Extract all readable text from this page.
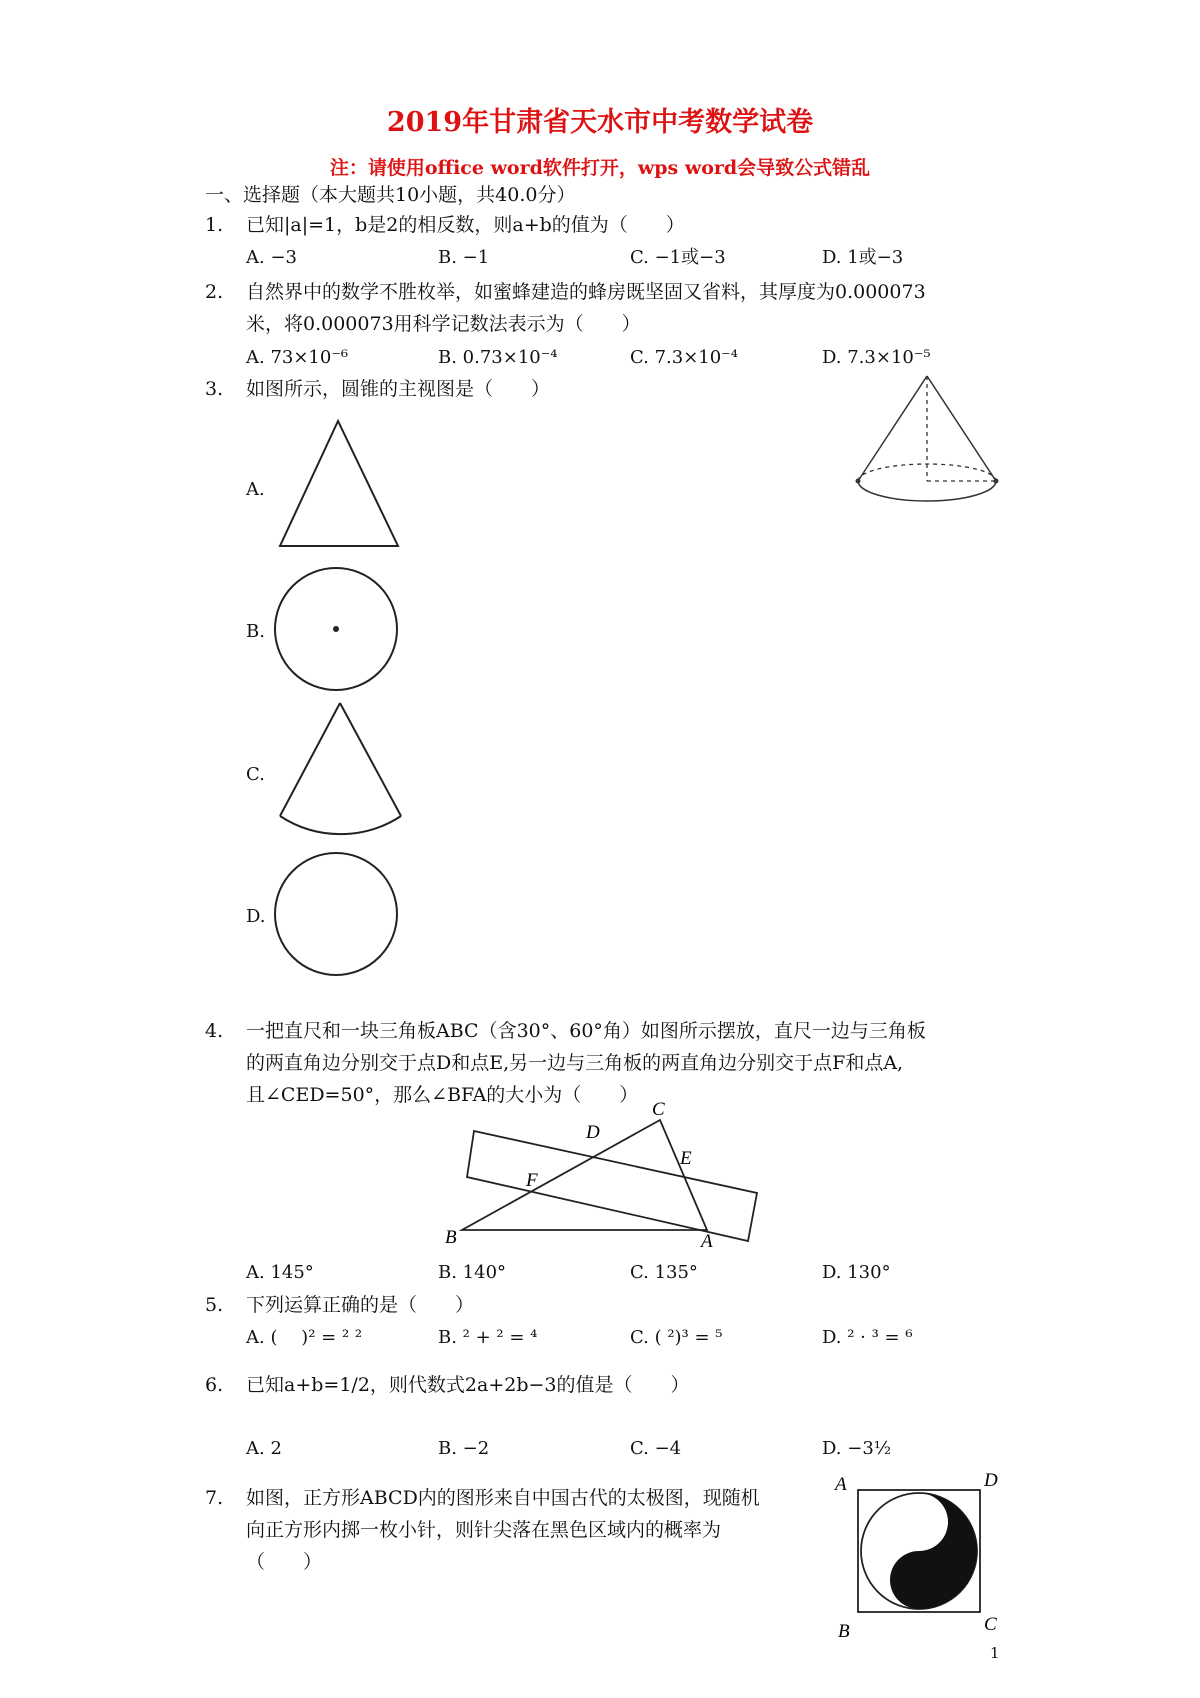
2019年甘肃省天水市中考数学试卷
注：请使用office word软件打开，wps word会导致公式错乱
一、选择题（本大题共10小题，共40.0分）
1. 已知|a|=1，b是2的相反数，则a+b的值为（　　）
A. −3	B. −1	C. −1或−3	D. 1或−3
2. 自然界中的数学不胜枚举，如蜜蜂建造的蜂房既坚固又省料，其厚度为0.000073
米，将0.000073用科学记数法表示为（　　）
A. 73×10⁻⁶	B. 0.73×10⁻⁴	C. 7.3×10⁻⁴	D. 7.3×10⁻⁵
3. 如图所示，圆锥的主视图是（　　）
A.
B.
C.
D.
4. 一把直尺和一块三角板ABC（含30°、60°角）如图所示摆放，直尺一边与三角板
的两直角边分别交于点D和点E,另一边与三角板的两直角边分别交于点F和点A,
且∠CED=50°，那么∠BFA的大小为（　　）
C
D
E
F
B	A
A. 145°	B. 140°	C. 135°	D. 130°
5. 下列运算正确的是（　　）
A. (　 )² = ² ²	B. ² + ² = ⁴	C. ( ²)³ = ⁵	D. ² · ³ = ⁶
6. 已知a+b=1/2，则代数式2a+2b−3的值是（　　）
A. 2	B. −2	C. −4	D. −3½
7. 如图，正方形ABCD内的图形来自中国古代的太极图，现随机
向正方形内掷一枚小针，则针尖落在黑色区域内的概率为
（　　）
A	D
B	C
1
